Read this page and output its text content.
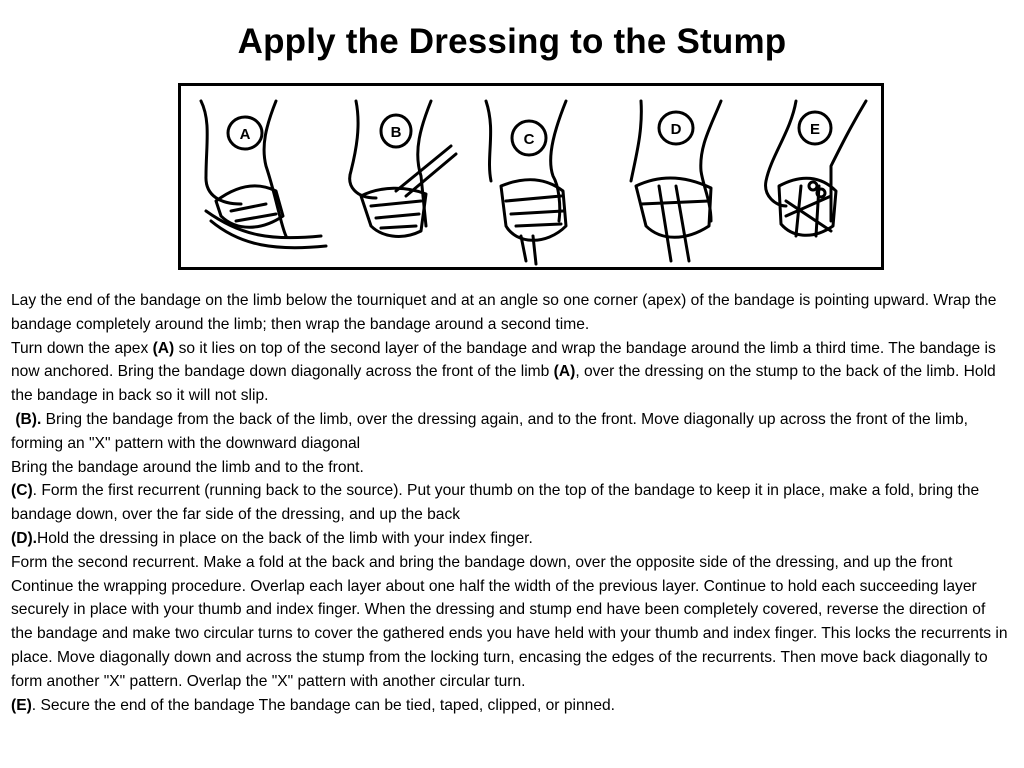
Apply the Dressing to the Stump
A	B	C
D	E

Lay the end of the bandage on the limb below the tourniquet and at an angle so one corner (apex) of the bandage is pointing upward. Wrap the bandage completely around the limb; then wrap the bandage around a second time.

Turn down the apex (A) so it lies on top of the second layer of the bandage and wrap the bandage around the limb a third time. The bandage is now anchored. Bring the bandage down diagonally across the front of the limb (A), over the dressing on the stump to the back of the limb. Hold the bandage in back so it will not slip.

(B). Bring the bandage from the back of the limb, over the dressing again, and to the front. Move diagonally up across the front of the limb, forming an "X" pattern with the downward diagonal

Bring the bandage around the limb and to the front.

(C). Form the first recurrent (running back to the source). Put your thumb on the top of the bandage to keep it in place, make a fold, bring the bandage down, over the far side of the dressing, and up the back

(D).Hold the dressing in place on the back of the limb with your index finger.

Form the second recurrent. Make a fold at the back and bring the bandage down, over the opposite side of the dressing, and up the front Continue the wrapping procedure. Overlap each layer about one half the width of the previous layer. Continue to hold each succeeding layer securely in place with your thumb and index finger. When the dressing and stump end have been completely covered, reverse the direction of the bandage and make two circular turns to cover the gathered ends you have held with your thumb and index finger. This locks the recurrents in place. Move diagonally down and across the stump from the locking turn, encasing the edges of the recurrents. Then move back diagonally to form another "X" pattern. Overlap the "X" pattern with another circular turn.

(E). Secure the end of the bandage The bandage can be tied, taped, clipped, or pinned.
